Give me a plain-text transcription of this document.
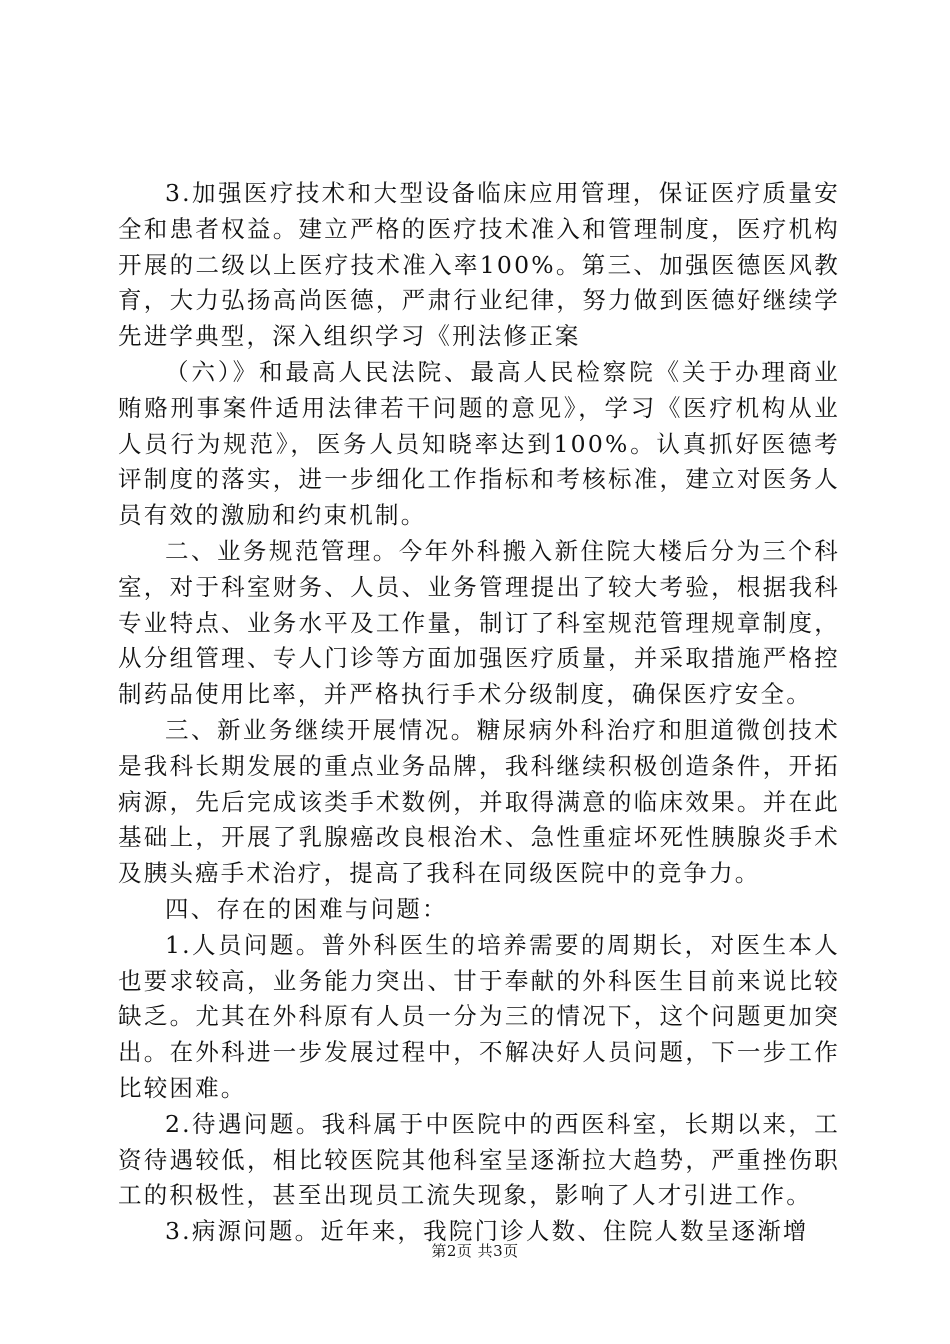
3.加强医疗技术和大型设备临床应用管理，保证医疗质量安全和患者权益。建立严格的医疗技术准入和管理制度，医疗机构开展的二级以上医疗技术准入率100%。第三、加强医德医风教育，大力弘扬高尚医德，严肃行业纪律，努力做到医德好继续学先进学典型，深入组织学习《刑法修正案

（六）》和最高人民法院、最高人民检察院《关于办理商业贿赂刑事案件适用法律若干问题的意见》，学习《医疗机构从业人员行为规范》，医务人员知晓率达到100%。认真抓好医德考评制度的落实，进一步细化工作指标和考核标准，建立对医务人员有效的激励和约束机制。

二、业务规范管理。今年外科搬入新住院大楼后分为三个科室，对于科室财务、人员、业务管理提出了较大考验，根据我科专业特点、业务水平及工作量，制订了科室规范管理规章制度，从分组管理、专人门诊等方面加强医疗质量，并采取措施严格控制药品使用比率，并严格执行手术分级制度，确保医疗安全。

三、新业务继续开展情况。糖尿病外科治疗和胆道微创技术是我科长期发展的重点业务品牌，我科继续积极创造条件，开拓病源，先后完成该类手术数例，并取得满意的临床效果。并在此基础上，开展了乳腺癌改良根治术、急性重症坏死性胰腺炎手术及胰头癌手术治疗，提高了我科在同级医院中的竞争力。

四、存在的困难与问题：

1.人员问题。普外科医生的培养需要的周期长，对医生本人也要求较高，业务能力突出、甘于奉献的外科医生目前来说比较缺乏。尤其在外科原有人员一分为三的情况下，这个问题更加突出。在外科进一步发展过程中，不解决好人员问题，下一步工作比较困难。

2.待遇问题。我科属于中医院中的西医科室，长期以来，工资待遇较低，相比较医院其他科室呈逐渐拉大趋势，严重挫伤职工的积极性，甚至出现员工流失现象，影响了人才引进工作。

3.病源问题。近年来，我院门诊人数、住院人数呈逐渐增

第2页 共3页
